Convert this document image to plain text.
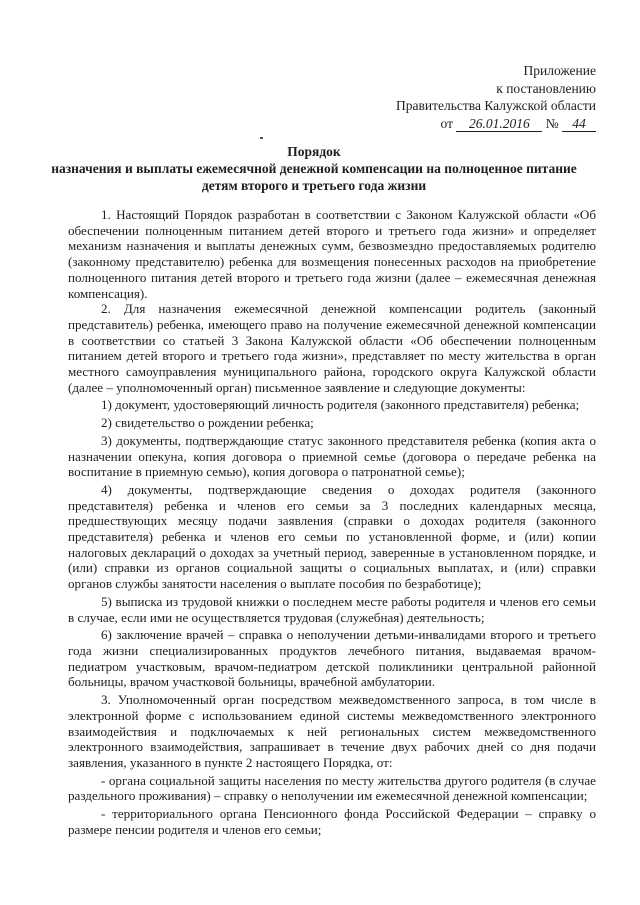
Приложение
к постановлению
Правительства Калужской области
от 26.01.2016 № 44
Порядок
назначения и выплаты ежемесячной денежной компенсации на полноценное питание
детям второго и третьего года жизни

1. Настоящий Порядок разработан в соответствии с Законом Калужской области «Об обеспечении полноценным питанием детей второго и третьего года жизни» и определяет механизм назначения и выплаты денежных сумм, безвозмездно предоставляемых родителю (законному представителю) ребенка для возмещения понесенных расходов на приобретение полноценного питания детей второго и третьего года жизни (далее – ежемесячная денежная компенсация).

2. Для назначения ежемесячной денежной компенсации родитель (законный представитель) ребенка, имеющего право на получение ежемесячной денежной компенсации в соответствии со статьей 3 Закона Калужской области «Об обеспечении полноценным питанием детей второго и третьего года жизни», представляет по месту жительства в орган местного самоуправления муниципального района, городского округа Калужской области (далее – уполномоченный орган) письменное заявление и следующие документы:

1) документ, удостоверяющий личность родителя (законного представителя) ребенка;

2) свидетельство о рождении ребенка;

3) документы, подтверждающие статус законного представителя ребенка (копия акта о назначении опекуна, копия договора о приемной семье (договора о передаче ребенка на воспитание в приемную семью), копия договора о патронатной семье);

4) документы, подтверждающие сведения о доходах родителя (законного представителя) ребенка и членов его семьи за 3 последних календарных месяца, предшествующих месяцу подачи заявления (справки о доходах родителя (законного представителя) ребенка и членов его семьи по установленной форме, и (или) копии налоговых деклараций о доходах за учетный период, заверенные в установленном порядке, и (или) справки из органов социальной защиты о социальных выплатах, и (или) справки органов службы занятости населения о выплате пособия по безработице);

5) выписка из трудовой книжки о последнем месте работы родителя и членов его семьи в случае, если ими не осуществляется трудовая (служебная) деятельность;

6) заключение врачей – справка о неполучении детьми-инвалидами второго и третьего года жизни специализированных продуктов лечебного питания, выдаваемая врачом-педиатром участковым, врачом-педиатром детской поликлиники центральной районной больницы, врачом участковой больницы, врачебной амбулатории.

3. Уполномоченный орган посредством межведомственного запроса, в том числе в электронной форме с использованием единой системы межведомственного электронного взаимодействия и подключаемых к ней региональных систем межведомственного электронного взаимодействия, запрашивает в течение двух рабочих дней со дня подачи заявления, указанного в пункте 2 настоящего Порядка, от:

- органа социальной защиты населения по месту жительства другого родителя (в случае раздельного проживания) – справку о неполучении им ежемесячной денежной компенсации;

- территориального органа Пенсионного фонда Российской Федерации – справку о размере пенсии родителя и членов его семьи;
